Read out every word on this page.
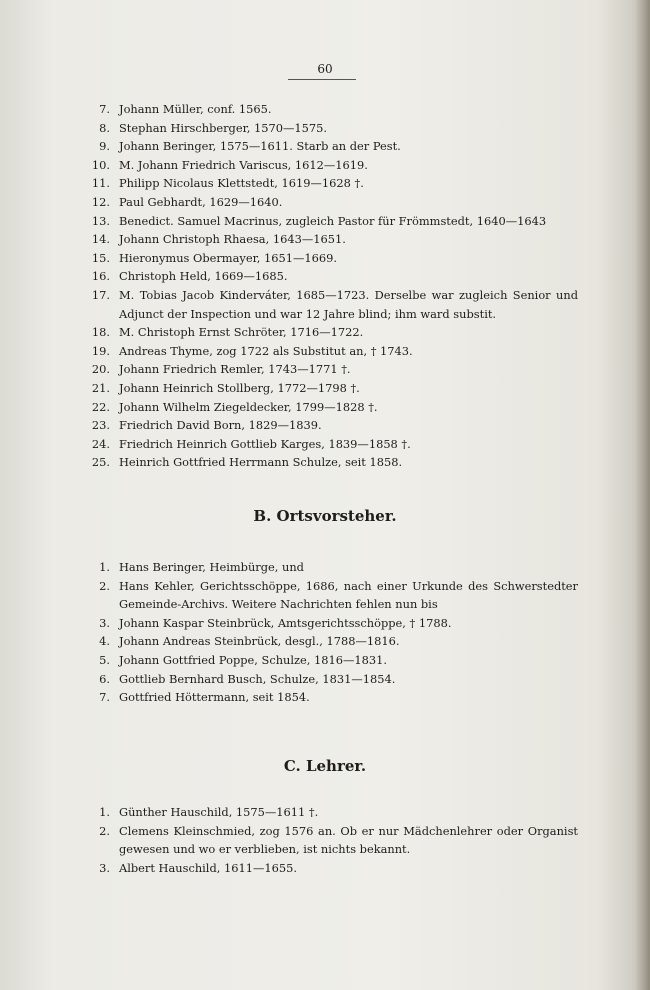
60
7. Johann Müller, conf. 1565.
8. Stephan Hirschberger, 1570—1575.
9. Johann Beringer, 1575—1611. Starb an der Pest.
10. M. Johann Friedrich Variscus, 1612—1619.
11. Philipp Nicolaus Klettstedt, 1619—1628 †.
12. Paul Gebhardt, 1629—1640.
13. Benedict. Samuel Macrinus, zugleich Pastor für Frömmstedt, 1640—1643
14. Johann Christoph Rhaesa, 1643—1651.
15. Hieronymus Obermayer, 1651—1669.
16. Christoph Held, 1669—1685.
17. M. Tobias Jacob Kinderváter, 1685—1723. Derselbe war zugleich Senior und
Adjunct der Inspection und war 12 Jahre blind; ihm ward substit.
18. M. Christoph Ernst Schröter, 1716—1722.
19. Andreas Thyme, zog 1722 als Substitut an, † 1743.
20. Johann Friedrich Remler, 1743—1771 †.
21. Johann Heinrich Stollberg, 1772—1798 †.
22. Johann Wilhelm Ziegeldecker, 1799—1828 †.
23. Friedrich David Born, 1829—1839.
24. Friedrich Heinrich Gottlieb Karges, 1839—1858 †.
25. Heinrich Gottfried Herrmann Schulze, seit 1858.
B. Ortsvorsteher.
1. Hans Beringer, Heimbürge, und
2. Hans Kehler, Gerichtsschöppe, 1686, nach einer Urkunde des Schwerstedter
Gemeinde-Archivs. Weitere Nachrichten fehlen nun bis
3. Johann Kaspar Steinbrück, Amtsgerichtsschöppe, † 1788.
4. Johann Andreas Steinbrück, desgl., 1788—1816.
5. Johann Gottfried Poppe, Schulze, 1816—1831.
6. Gottlieb Bernhard Busch, Schulze, 1831—1854.
7. Gottfried Höttermann, seit 1854.
C. Lehrer.
1. Günther Hauschild, 1575—1611 †.
2. Clemens Kleinschmied, zog 1576 an. Ob er nur Mädchenlehrer oder Organist
gewesen und wo er verblieben, ist nichts bekannt.
3. Albert Hauschild, 1611—1655.
